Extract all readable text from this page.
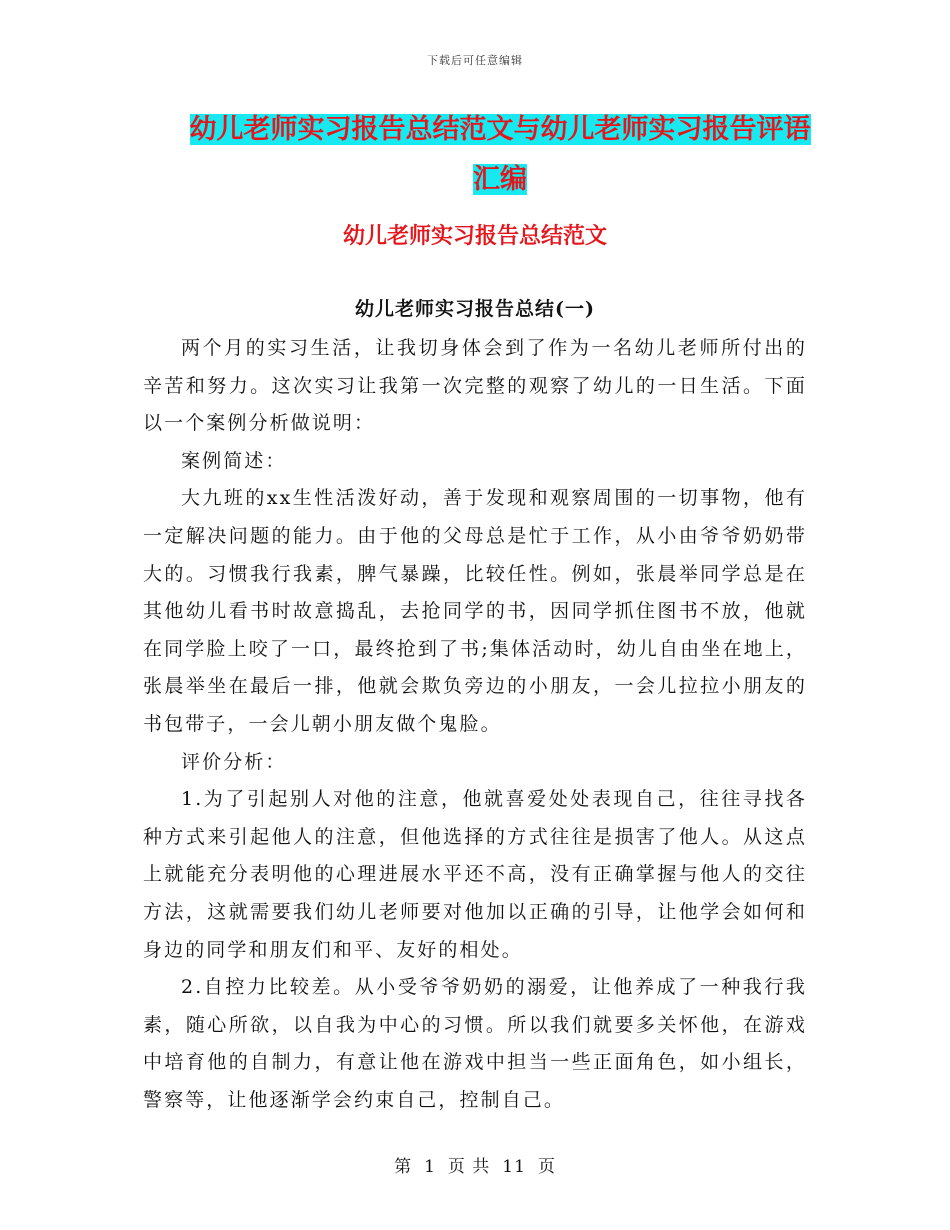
下载后可任意编辑
幼儿老师实习报告总结范文与幼儿老师实习报告评语
汇编
幼儿老师实习报告总结范文
幼儿老师实习报告总结(一)

两个月的实习生活，让我切身体会到了作为一名幼儿老师所付出的辛苦和努力。这次实习让我第一次完整的观察了幼儿的一日生活。下面以一个案例分析做说明：

案例简述：

大九班的xx生性活泼好动，善于发现和观察周围的一切事物，他有一定解决问题的能力。由于他的父母总是忙于工作，从小由爷爷奶奶带大的。习惯我行我素，脾气暴躁，比较任性。例如，张晨举同学总是在其他幼儿看书时故意捣乱，去抢同学的书，因同学抓住图书不放，他就在同学脸上咬了一口，最终抢到了书;集体活动时，幼儿自由坐在地上，张晨举坐在最后一排，他就会欺负旁边的小朋友，一会儿拉拉小朋友的书包带子，一会儿朝小朋友做个鬼脸。

评价分析：

1.为了引起别人对他的注意，他就喜爱处处表现自己，往往寻找各种方式来引起他人的注意，但他选择的方式往往是损害了他人。从这点上就能充分表明他的心理进展水平还不高，没有正确掌握与他人的交往方法，这就需要我们幼儿老师要对他加以正确的引导，让他学会如何和身边的同学和朋友们和平、友好的相处。

2.自控力比较差。从小受爷爷奶奶的溺爱，让他养成了一种我行我素，随心所欲，以自我为中心的习惯。所以我们就要多关怀他，在游戏中培育他的自制力，有意让他在游戏中担当一些正面角色，如小组长，警察等，让他逐渐学会约束自己，控制自己。

第 1 页 共 11 页
